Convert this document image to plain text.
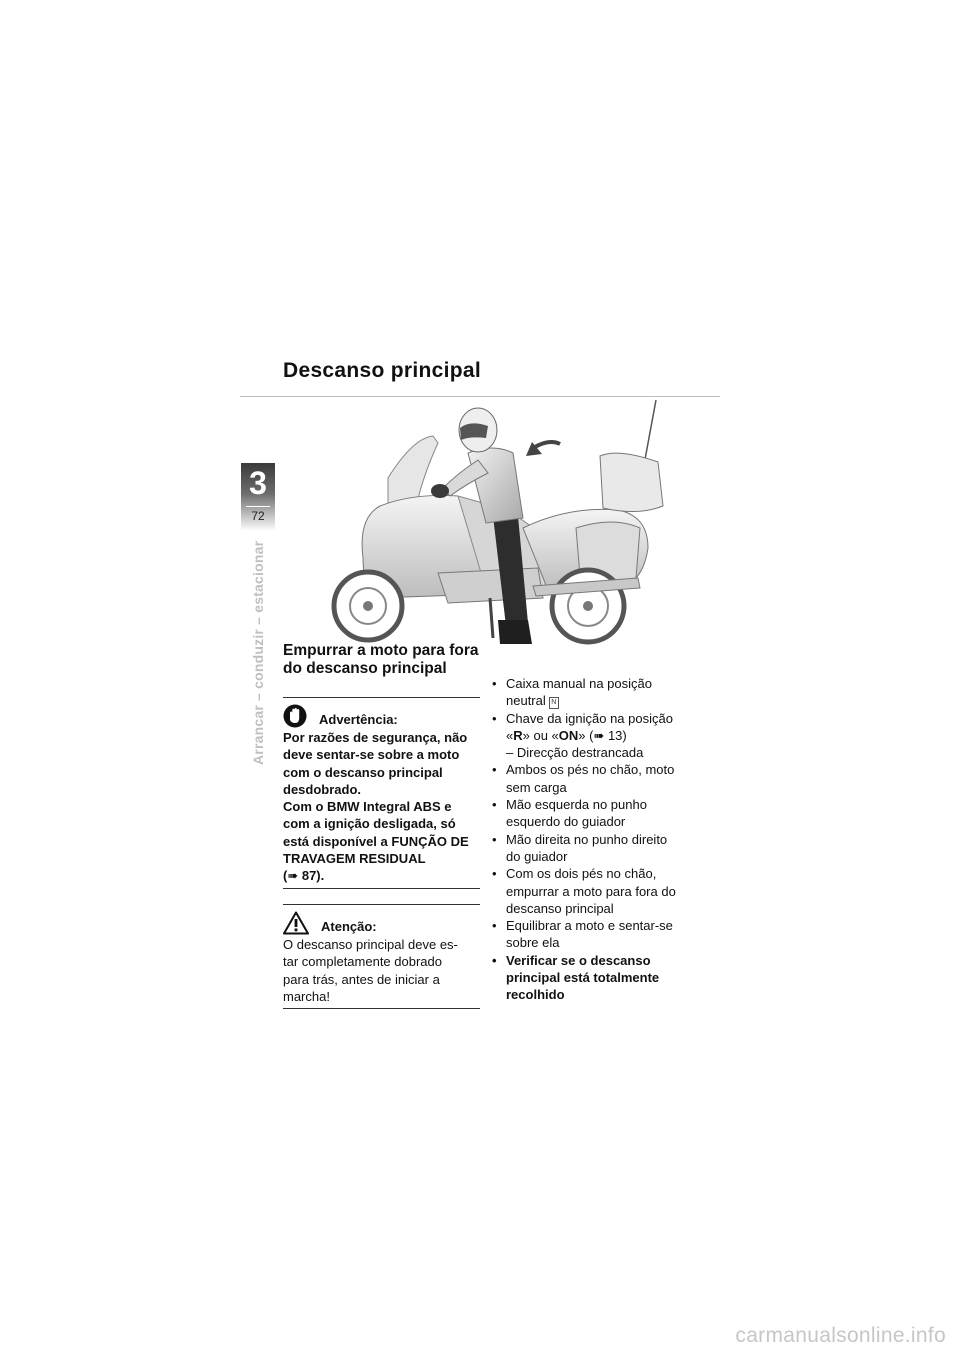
Descanso principal
3
72
Arrancar – conduzir – estacionar Empurrar a moto para fora do descanso principal
Advertência:
Por razões de segurança, não
deve sentar-se sobre a moto
com o descanso principal
desdobrado.
Com o BMW Integral ABS e
com a ignição desligada, só
está disponível a FUNÇÃO DE
TRAVAGEM RESIDUAL
(➠ 87).
Atenção:
O descanso principal deve es-
tar completamente dobrado
para trás, antes de iniciar a
marcha!
• Caixa manual na posição
neutral N
• Chave da ignição na posição
«R» ou «ON» (➠ 13)
– Direcção destrancada
• Ambos os pés no chão, moto
sem carga
• Mão esquerda no punho
esquerdo do guiador
• Mão direita no punho direito
do guiador
• Com os dois pés no chão,
empurrar a moto para fora do
descanso principal
• Equilibrar a moto e sentar-se
sobre ela
• Verificar se o descanso
principal está totalmente
recolhido
carmanualsonline.info
